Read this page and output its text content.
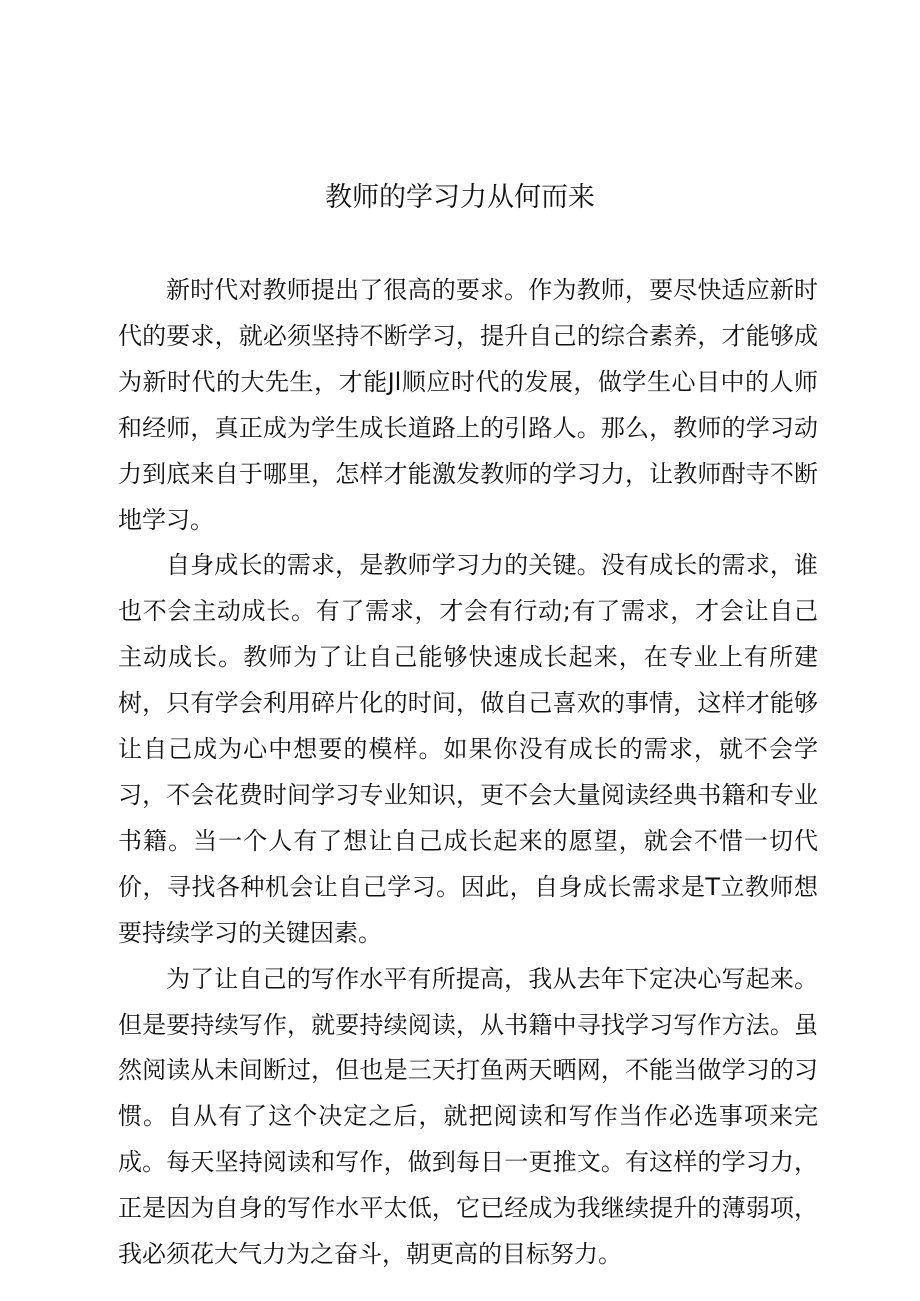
教师的学习力从何而来

新时代对教师提出了很高的要求。作为教师，要尽快适应新时代的要求，就必须坚持不断学习，提升自己的综合素养，才能够成为新时代的大先生，才能Jl顺应时代的发展，做学生心目中的人师和经师，真正成为学生成长道路上的引路人。那么，教师的学习动力到底来自于哪里，怎样才能激发教师的学习力，让教师酎寺不断地学习。

自身成长的需求，是教师学习力的关键。没有成长的需求，谁也不会主动成长。有了需求，才会有行动;有了需求，才会让自己主动成长。教师为了让自己能够快速成长起来，在专业上有所建树，只有学会利用碎片化的时间，做自己喜欢的事情，这样才能够让自己成为心中想要的模样。如果你没有成长的需求，就不会学习，不会花费时间学习专业知识，更不会大量阅读经典书籍和专业书籍。当一个人有了想让自己成长起来的愿望，就会不惜一切代价，寻找各种机会让自己学习。因此，自身成长需求是T立教师想要持续学习的关键因素。

为了让自己的写作水平有所提高，我从去年下定决心写起来。但是要持续写作，就要持续阅读，从书籍中寻找学习写作方法。虽然阅读从未间断过，但也是三天打鱼两天晒网，不能当做学习的习惯。自从有了这个决定之后，就把阅读和写作当作必选事项来完成。每天坚持阅读和写作，做到每日一更推文。有这样的学习力，正是因为自身的写作水平太低，它已经成为我继续提升的薄弱项，我必须花大气力为之奋斗，朝更高的目标努力。
